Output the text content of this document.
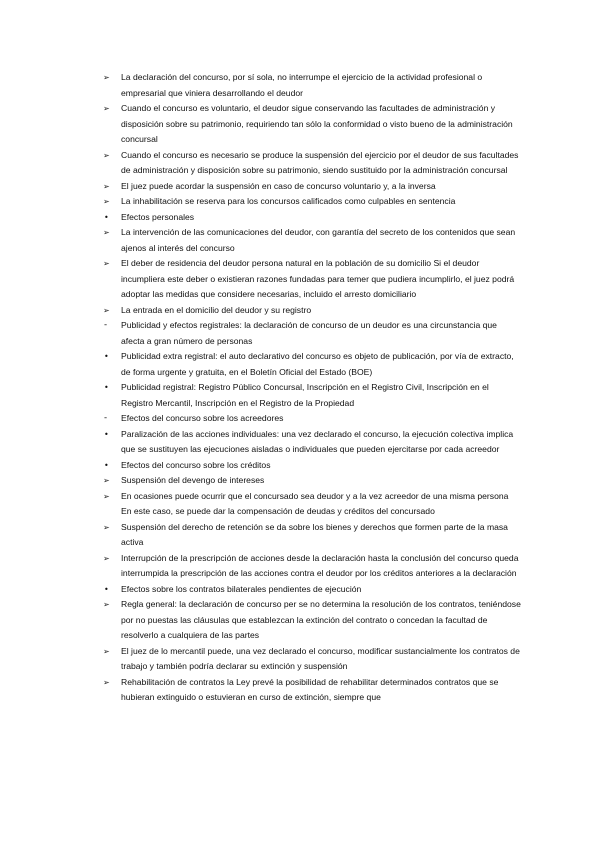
➢	La declaración del concurso, por sí sola, no interrumpe el ejercicio de la actividad profesional o empresarial que viniera desarrollando el deudor
➢	Cuando el concurso es voluntario, el deudor sigue conservando las facultades de administración y disposición sobre su patrimonio, requiriendo tan sólo la conformidad o visto bueno de la administración concursal
➢	Cuando el concurso es necesario se produce la suspensión del ejercicio por el deudor de sus facultades de administración y disposición sobre su patrimonio, siendo sustituido por la administración concursal
➢	El juez puede acordar la suspensión en caso de concurso voluntario y, a la inversa
➢	La inhabilitación se reserva para los concursos calificados como culpables en sentencia
•	Efectos personales
➢	La intervención de las comunicaciones del deudor, con garantía del secreto de los contenidos que sean ajenos al interés del concurso
➢	El deber de residencia del deudor persona natural en la población de su domicilio Si el deudor incumpliera este deber o existieran razones fundadas para temer que pudiera incumplirlo, el juez podrá adoptar las medidas que considere necesarias, incluido el arresto domiciliario
➢	La entrada en el domicilio del deudor y su registro
-	Publicidad y efectos registrales: la declaración de concurso de un deudor es una circunstancia que afecta a gran número de personas
•	Publicidad extra registral: el auto declarativo del concurso es objeto de publicación, por vía de extracto, de forma urgente y gratuita, en el Boletín Oficial del Estado (BOE)
•	Publicidad registral: Registro Público Concursal, Inscripción en el Registro Civil, Inscripción en el Registro Mercantil, Inscripción en el Registro de la Propiedad
-	Efectos del concurso sobre los acreedores
•	Paralización de las acciones individuales: una vez declarado el concurso, la ejecución colectiva implica que se sustituyen las ejecuciones aisladas o individuales que pueden ejercitarse por cada acreedor
•	Efectos del concurso sobre los créditos
➢	Suspensión del devengo de intereses
➢	En ocasiones puede ocurrir que el concursado sea deudor y a la vez acreedor de una misma persona En este caso, se puede dar la compensación de deudas y créditos del concursado
➢	Suspensión del derecho de retención se da sobre los bienes y derechos que formen parte de la masa activa
➢	Interrupción de la prescripción de acciones desde la declaración hasta la conclusión del concurso queda interrumpida la prescripción de las acciones contra el deudor por los créditos anteriores a la declaración
•	Efectos sobre los contratos bilaterales pendientes de ejecución
➢	Regla general: la declaración de concurso per se no determina la resolución de los contratos, teniéndose por no puestas las cláusulas que establezcan la extinción del contrato o concedan la facultad de resolverlo a cualquiera de las partes
➢	El juez de lo mercantil puede, una vez declarado el concurso, modificar sustancialmente los contratos de trabajo y también podría declarar su extinción y suspensión
➢	Rehabilitación de contratos la Ley prevé la posibilidad de rehabilitar determinados contratos que se hubieran extinguido o estuvieran en curso de extinción, siempre que
